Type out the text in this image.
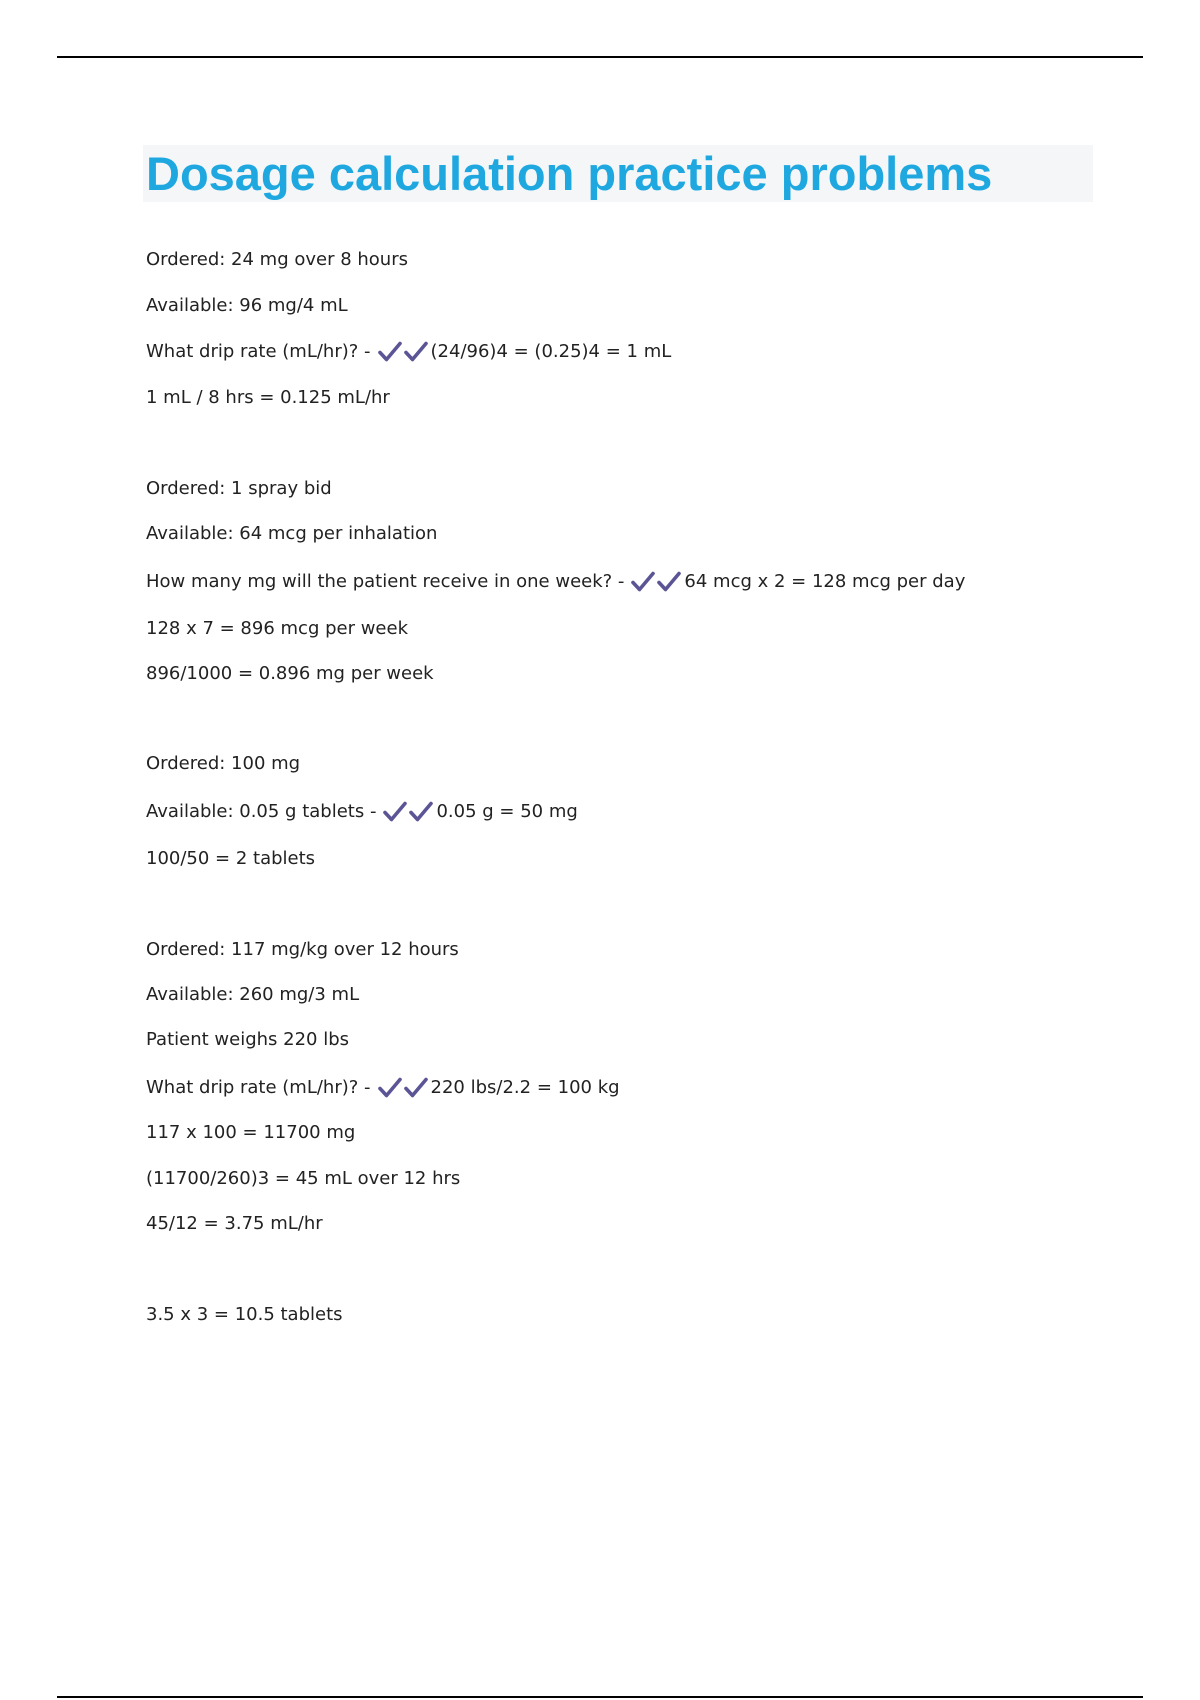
Dosage calculation practice problems
Ordered: 24 mg over 8 hours
Available: 96 mg/4 mL
What drip rate (mL/hr)? -	(24/96)4 = (0.25)4 = 1 mL
1 mL / 8 hrs = 0.125 mL/hr
Ordered: 1 spray bid
Available: 64 mcg per inhalation
How many mg will the patient receive in one week? -	64 mcg x 2 = 128 mcg per day
128 x 7 = 896 mcg per week
896/1000 = 0.896 mg per week
Ordered: 100 mg
Available: 0.05 g tablets -	0.05 g = 50 mg
100/50 = 2 tablets
Ordered: 117 mg/kg over 12 hours
Available: 260 mg/3 mL
Patient weighs 220 lbs
What drip rate (mL/hr)? -	220 lbs/2.2 = 100 kg
117 x 100 = 11700 mg
(11700/260)3 = 45 mL over 12 hrs
45/12 = 3.75 mL/hr
3.5 x 3 = 10.5 tablets
